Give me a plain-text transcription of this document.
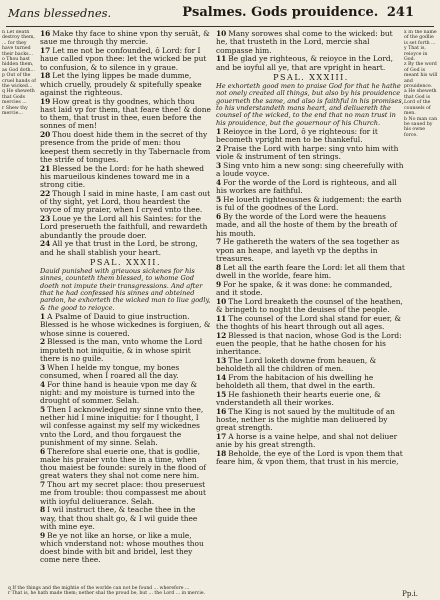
Mans blessednes.	Psalmes. Gods prouidence. 241
n Let death destroy them, ... for they have turned their backs...
o Thou hast hidden them, as God doth...
p Out of the cruel hands of the wicked...
q He sheweth that Gods mercies ...
r Shew thy mercie...
16 Make thy face to shine vpon thy seruãt, & saue me through thy mercie.
17 Let me not be confounded, ô Lord: for I haue called vpon thee: let the wicked be put to confusion, & to silence in y graue.
18 Let the lying lippes be made dumme, which cruelly, proudely & spitefully speake against the righteous.
19 How great is thy goodnes, which thou hast laid vp for them, that feare thee! & done to them, that trust in thee, euen before the sonnes of men!
20 Thou doest hide them in the secret of thy presence from the pride of men: thou keepest them secretly in thy Tabernacle from the strife of tongues.
21 Blessed be the Lord: for he hath shewed his marueilous kindenes toward me in a strong citie.
22 Though I said in mine haste, I am cast out of thy sight, yet Lord, thou heardest the voyce of my praier, when I cryed vnto thee.
23 Loue ye the Lord all his Saintes: for the Lord preserueth the faithfull, and rewardeth abundantly the proude doer.
24 All ye that trust in the Lord, be strong, and he shall stablish your heart.
PSAL. XXXII.
Dauid punished with grieuous sickenes for his sinnes, counteth them blessed, to whome God doeth not impute their transgressions. And after that he had confessed his sinnes and obteined pardon, he exhorteth the wicked man to liue godly, & the good to reioyce.
1 A Psalme of Dauid to giue instruction. Blessed is he whose wickednes is forgiuen, & whose sinne is couered.
2 Blessed is the man, vnto whome the Lord imputeth not iniquitie, & in whose spirit there is no guile.
3 When I helde my tongue, my bones consumed, when I roared all the day.
4 For thine hand is heauie vpon me day & night: and my moisture is turned into the drought of sommer. Selah.
5 Then I acknowledged my sinne vnto thee, nether hid I mine iniquitie: for I thought, I wil confesse against my self my wickednes vnto the Lord, and thou forgauest the punishment of my sinne. Selah.
6 Therefore shal euerie one, that is godlie, make his praier vnto thee in a time, when thou maiest be founde: surely in the flood of great waters they shal not come nere him.
7 Thou art my secret place: thou preseruest me from trouble: thou compassest me about with ioyful deliuerance. Selah.
8 I wil instruct thee, & teache thee in the way, that thou shalt go, & I wil guide thee with mine eye.
9 Be ye not like an horse, or like a mule, which vnderstand not: whose mouthes thou doest binde with bit and bridel, lest they come nere thee.
10 Many sorowes shal come to the wicked: but he, that trusteth in the Lord, mercie shal compasse him.
11 Be glad ye righteous, & reioyce in the Lord, and be ioyful all ye, that are vpright in heart.
PSAL. XXXIII.
He exhorteth good men to praise God for that he hathe not onely created all things, but also by his prouidence gouerneth the same, and also is faithful in his promises, to his vnderstandeth mans heart, and deliuereth the counsel of the wicked, to the end that no man trust in his prouidence, but the gouernour of his Church.
1 Reioyce in the Lord, ô ye righteous: for it becometh vpright men to be thankeful.
2 Praise the Lord with harpe: sing vnto him with viole & instrument of ten strings.
3 Sing vnto him a new song: sing cheerefully with a loude voyce.
4 For the worde of the Lord is righteous, and all his workes are faithful.
5 He loueth righteousnes & iudgement: the earth is ful of the goodnes of the Lord.
6 By the worde of the Lord were the heauens made, and all the hoste of them by the breath of his mouth.
7 He gathereth the waters of the sea together as vpon an heape, and layeth vp the depths in treasures.
8 Let all the earth feare the Lord: let all them that dwell in the worlde, feare him.
9 For he spake, & it was done: he commanded, and it stode.
10 The Lord breaketh the counsel of the heathen, & bringeth to noght the deuises of the people.
11 The counsel of the Lord shal stand for euer, & the thoghts of his heart through out all ages.
12 Blessed is that nacion, whose God is the Lord: euen the people, that he hathe chosen for his inheritance.
13 The Lord loketh downe from heauen, & beholdeth all the children of men.
14 From the habitacion of his dwelling he beholdeth all them, that dwel in the earth.
15 He fashioneth their hearts euerie one, & vnderstandeth all their workes.
16 The King is not saued by the multitude of an hoste, nether is the mightie man deliuered by great strength.
17 A horse is a vaine helpe, and shal not deliuer anie by his great strength.
18 Beholde, the eye of the Lord is vpon them that feare him, & vpon them, that trust in his mercie,
x In the name of the godlie is set forth ...
y That is, reioyce in God.
z By the word of God is meant his will and prouidence.
a He sheweth that God is Lord of the counsels of men.
b No man can be saued by his owne force.
q If the things and the mightie of the worlde can not be found ... wherefore ...
r That is, he hath made them; nether shal the proud be, but ... the Lord ... in mercie.	Pp.i.
